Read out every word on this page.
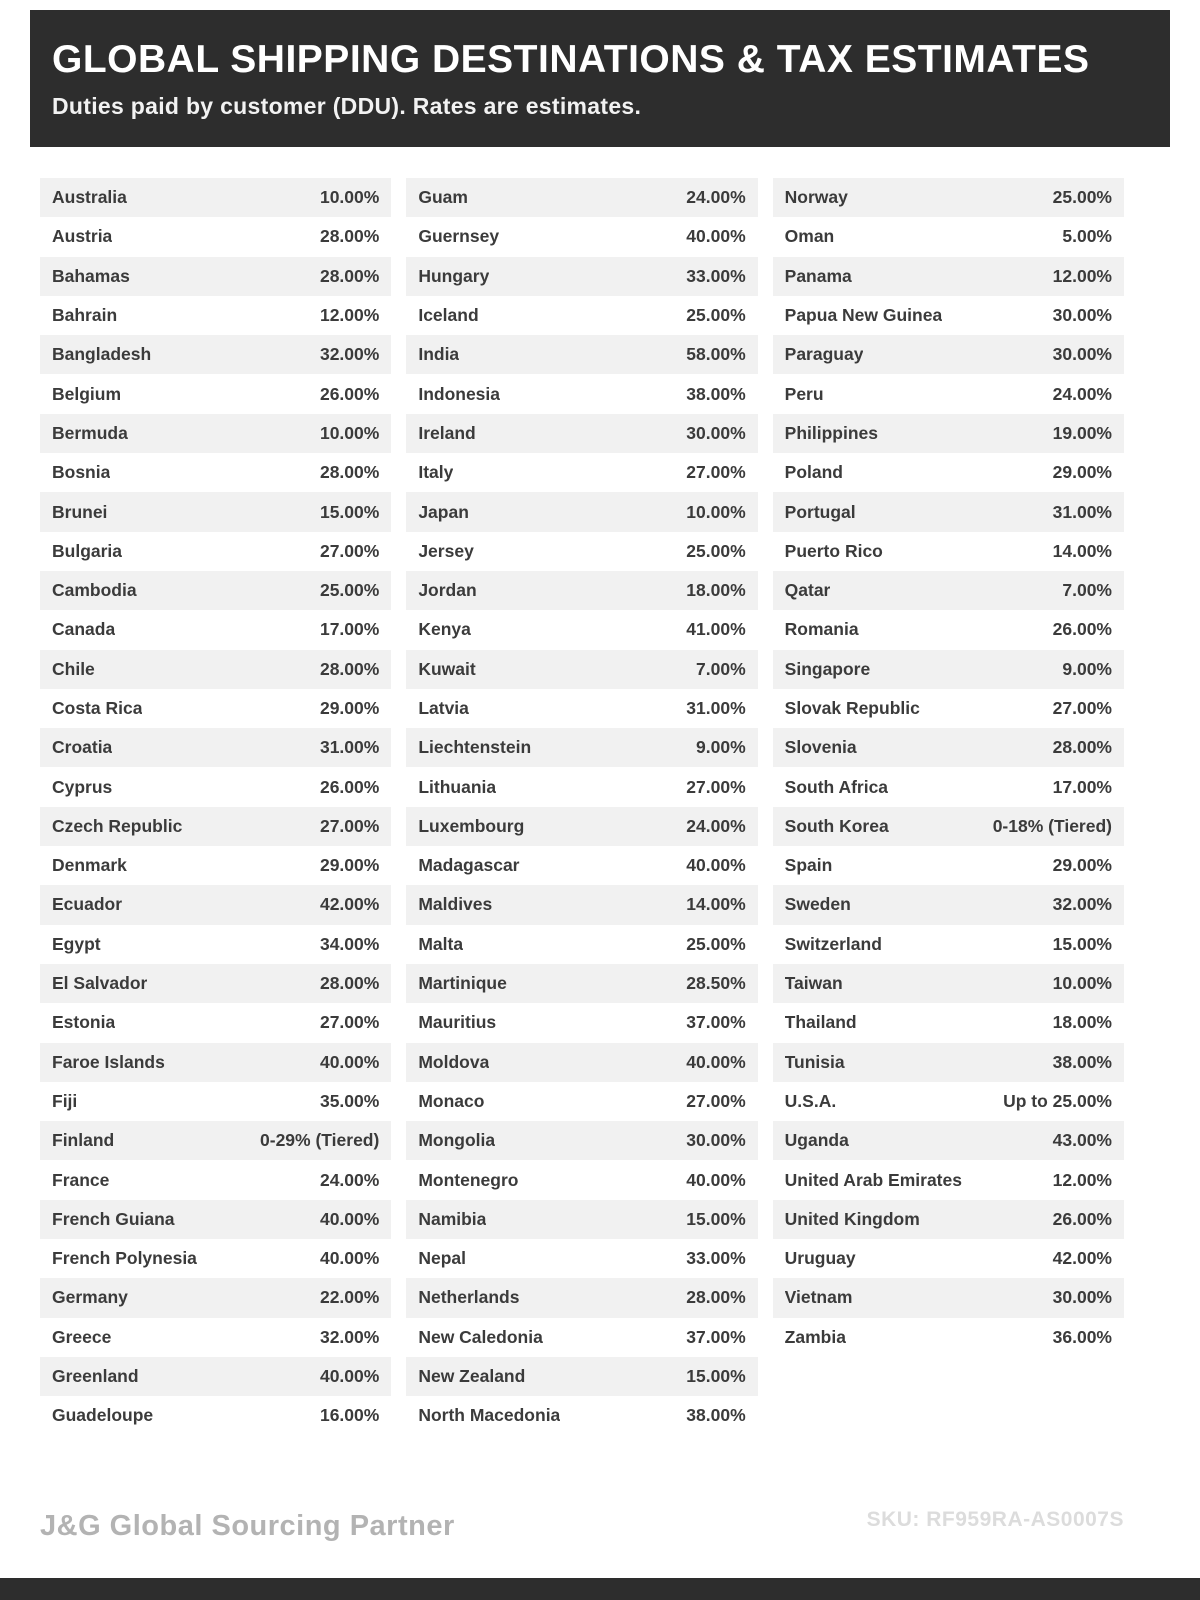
GLOBAL SHIPPING DESTINATIONS & TAX ESTIMATES

Duties paid by customer (DDU). Rates are estimates.

Australia	10.00%
Austria	28.00%
Bahamas	28.00%
Bahrain	12.00%
Bangladesh	32.00%
Belgium	26.00%
Bermuda	10.00%
Bosnia	28.00%
Brunei	15.00%
Bulgaria	27.00%
Cambodia	25.00%
Canada	17.00%
Chile	28.00%
Costa Rica	29.00%
Croatia	31.00%
Cyprus	26.00%
Czech Republic	27.00%
Denmark	29.00%
Ecuador	42.00%
Egypt	34.00%
El Salvador	28.00%
Estonia	27.00%
Faroe Islands	40.00%
Fiji	35.00%
Finland	0-29% (Tiered)
France	24.00%
French Guiana	40.00%
French Polynesia	40.00%
Germany	22.00%
Greece	32.00%
Greenland	40.00%
Guadeloupe	16.00%
Guam	24.00%
Guernsey	40.00%
Hungary	33.00%
Iceland	25.00%
India	58.00%
Indonesia	38.00%
Ireland	30.00%
Italy	27.00%
Japan	10.00%
Jersey	25.00%
Jordan	18.00%
Kenya	41.00%
Kuwait	7.00%
Latvia	31.00%
Liechtenstein	9.00%
Lithuania	27.00%
Luxembourg	24.00%
Madagascar	40.00%
Maldives	14.00%
Malta	25.00%
Martinique	28.50%
Mauritius	37.00%
Moldova	40.00%
Monaco	27.00%
Mongolia	30.00%
Montenegro	40.00%
Namibia	15.00%
Nepal	33.00%
Netherlands	28.00%
New Caledonia	37.00%
New Zealand	15.00%
North Macedonia	38.00%
Norway	25.00%
Oman	5.00%
Panama	12.00%
Papua New Guinea	30.00%
Paraguay	30.00%
Peru	24.00%
Philippines	19.00%
Poland	29.00%
Portugal	31.00%
Puerto Rico	14.00%
Qatar	7.00%
Romania	26.00%
Singapore	9.00%
Slovak Republic	27.00%
Slovenia	28.00%
South Africa	17.00%
South Korea	0-18% (Tiered)
Spain	29.00%
Sweden	32.00%
Switzerland	15.00%
Taiwan	10.00%
Thailand	18.00%
Tunisia	38.00%
U.S.A.	Up to 25.00%
Uganda	43.00%
United Arab Emirates	12.00%
United Kingdom	26.00%
Uruguay	42.00%
Vietnam	30.00%
Zambia	36.00%
J&G Global Sourcing Partner	SKU: RF959RA-AS0007S
